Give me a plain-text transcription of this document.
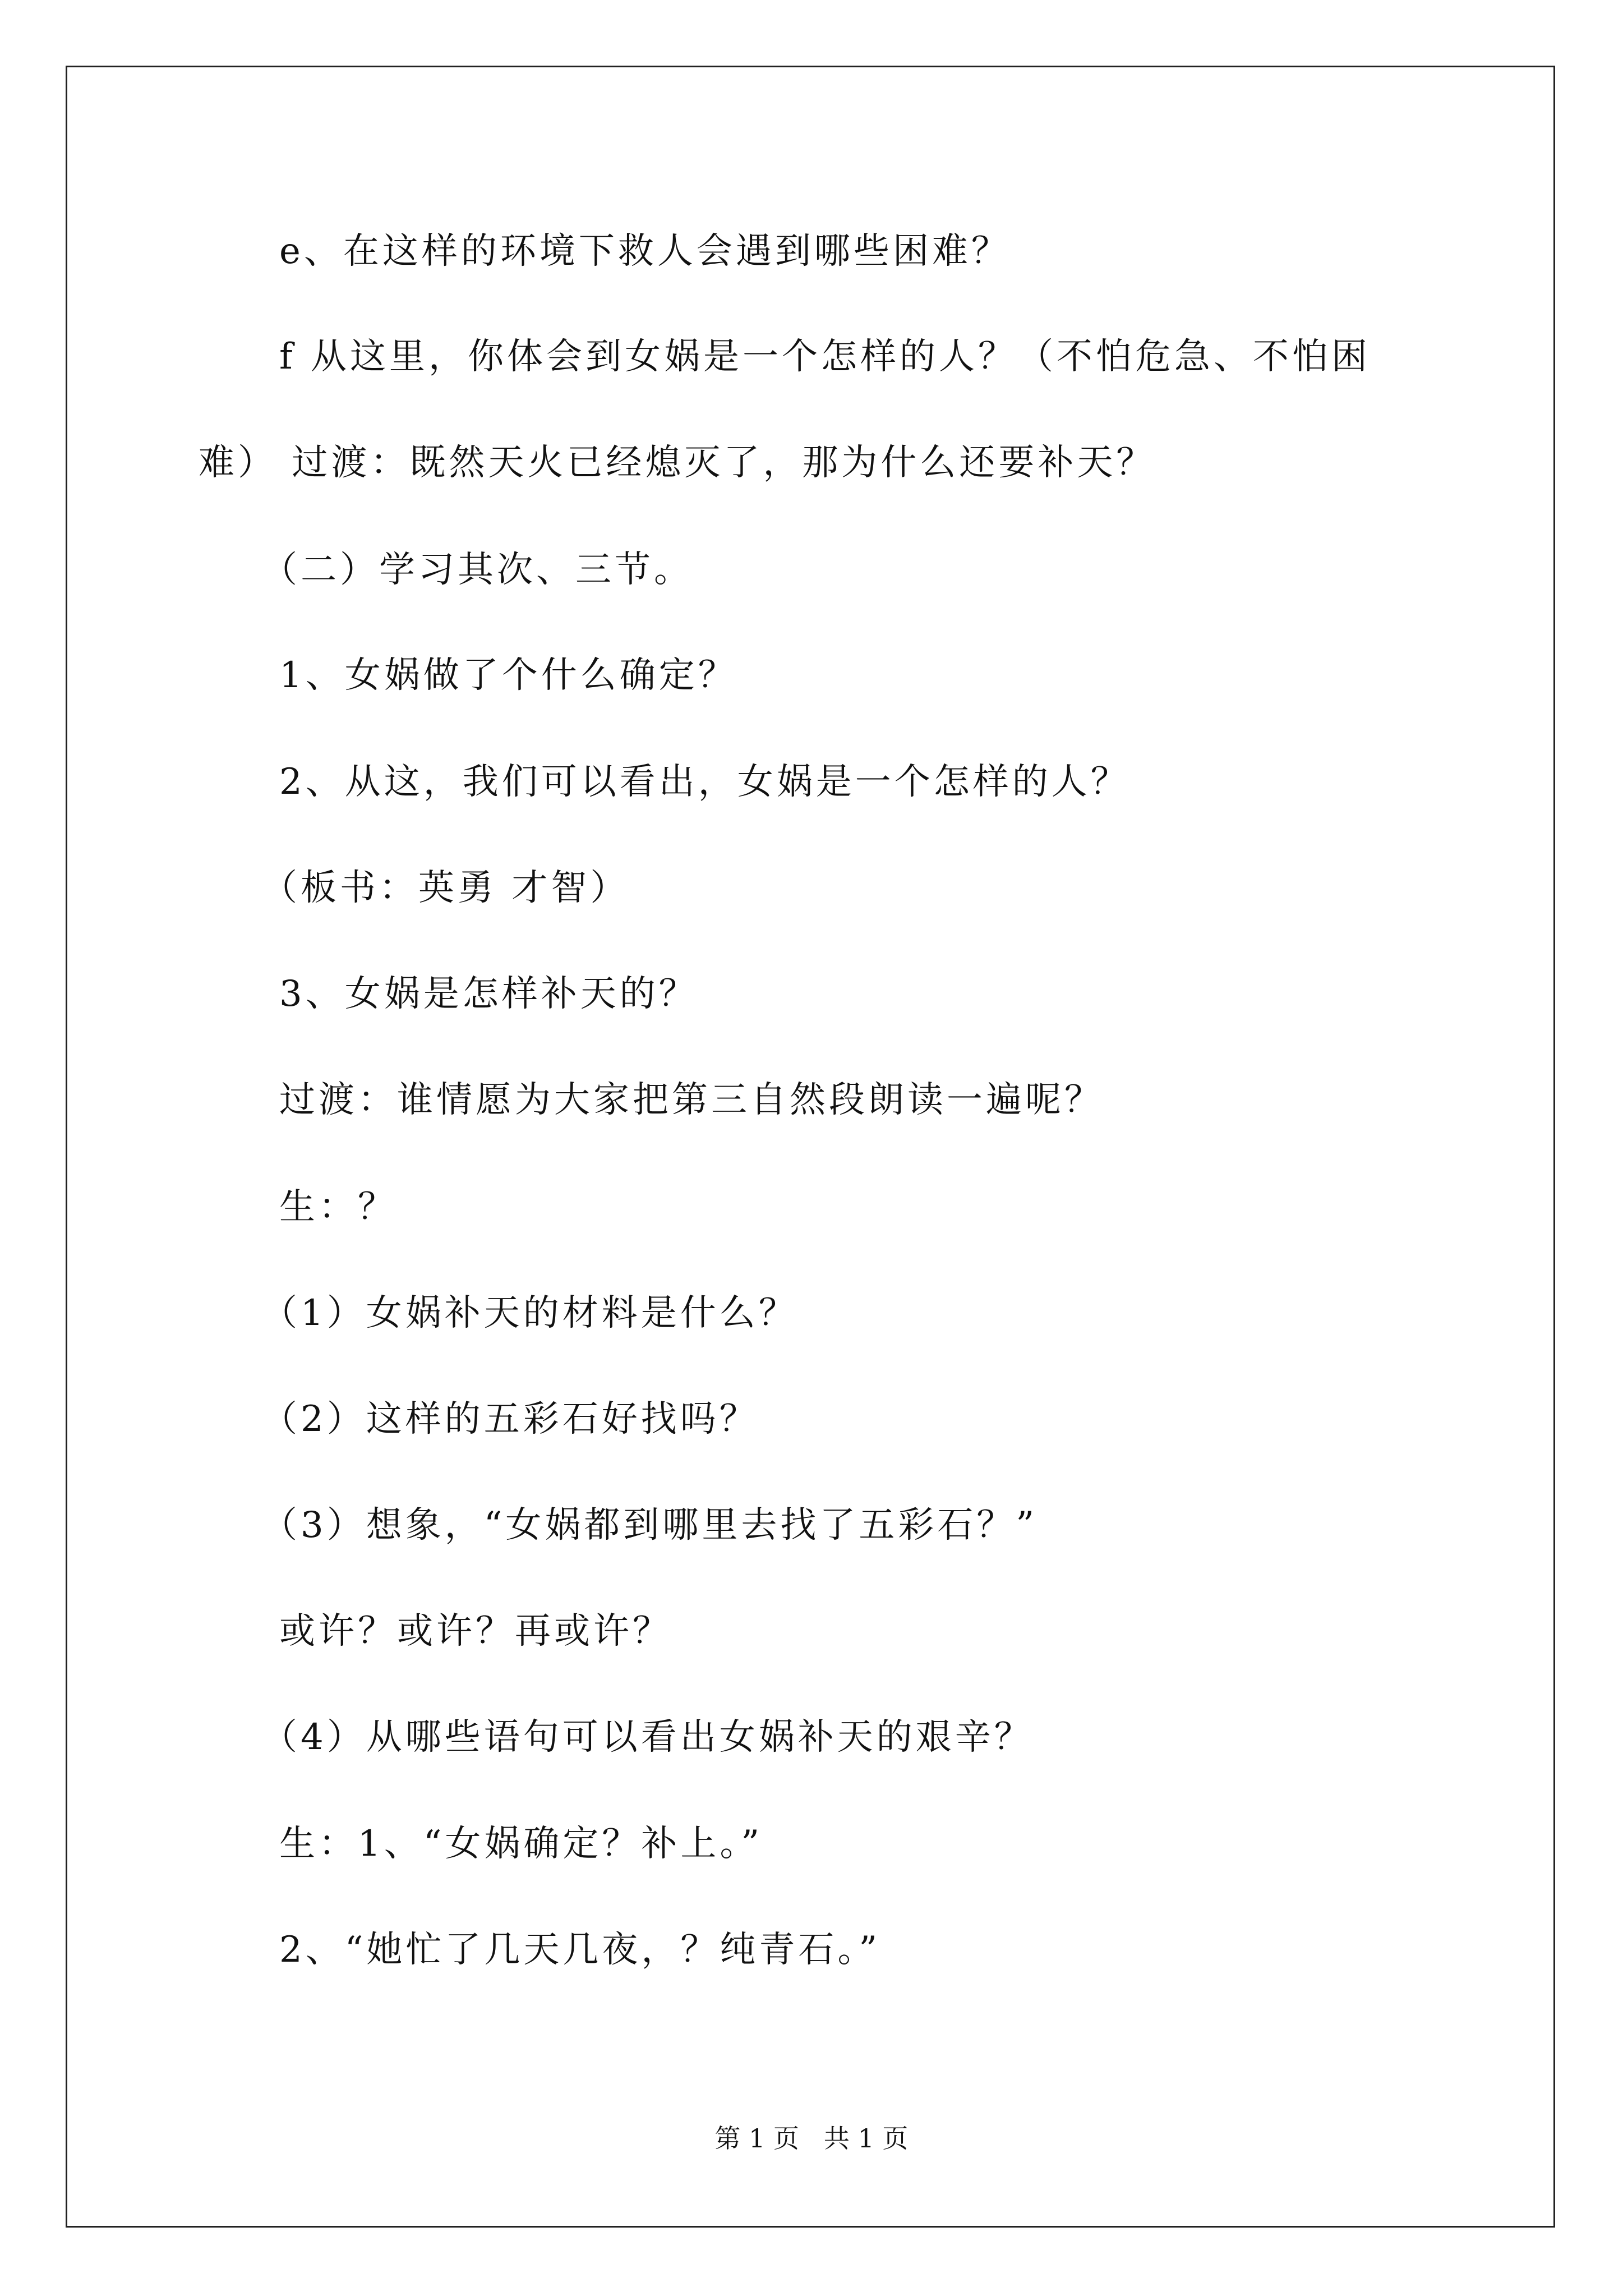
e、在这样的环境下救人会遇到哪些困难？
f 从这里，你体会到女娲是一个怎样的人？（不怕危急、不怕困
难） 过渡：既然天火已经熄灭了，那为什么还要补天？
（二）学习其次、三节。
1、女娲做了个什么确定？
2、从这，我们可以看出，女娲是一个怎样的人？
（板书：英勇 才智）
3、女娲是怎样补天的？
过渡：谁情愿为大家把第三自然段朗读一遍呢？
生：？
（1）女娲补天的材料是什么？
（2）这样的五彩石好找吗？
（3）想象，“女娲都到哪里去找了五彩石？”
或许？或许？再或许？
（4）从哪些语句可以看出女娲补天的艰辛？
生：1、“女娲确定？补上。”
2、“她忙了几天几夜，？纯青石。”
第 1 页   共 1 页
